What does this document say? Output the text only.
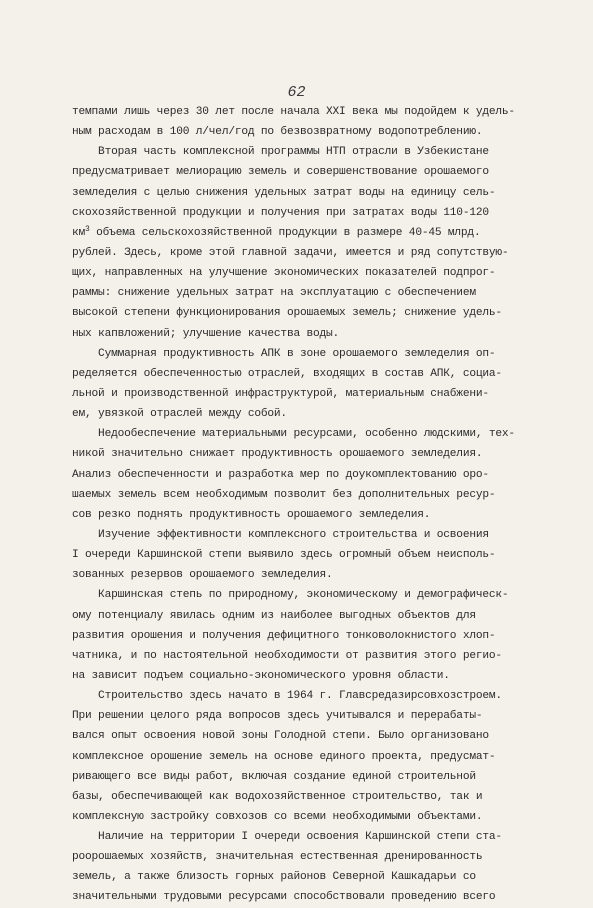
62
темпами лишь через 30 лет после начала XXI века мы подойдем к удель-
ным расходам в 100 л/чел/год по безвозвратному водопотреблению.
Вторая часть комплексной программы НТП отрасли в Узбекистане
предусматривает мелиорацию земель и совершенствование орошаемого
земледелия с целью снижения удельных затрат воды на единицу сель-
скохозяйственной продукции и получения при затратах воды 110-120
$км^3$ объема сельскохозяйственной продукции в размере 40-45 млрд.
рублей. Здесь, кроме этой главной задачи, имеется и ряд сопутствую-
щих, направленных на улучшение экономических показателей подпрог-
раммы: снижение удельных затрат на эксплуатацию с обеспечением
высокой степени функционирования орошаемых земель; снижение удель-
ных капвложений; улучшение качества воды.
Суммарная продуктивность АПК в зоне орошаемого земледелия оп-
ределяется обеспеченностью отраслей, входящих в состав АПК, социа-
льной и производственной инфраструктурой, материальным снабжени-
ем, увязкой отраслей между собой.
Недообеспечение материальными ресурсами, особенно людскими, тех-
никой значительно снижает продуктивность орошаемого земледелия.
Анализ обеспеченности и разработка мер по доукомплектованию оро-
шаемых земель всем необходимым позволит без дополнительных ресур-
сов резко поднять продуктивность орошаемого земледелия.
Изучение эффективности комплексного строительства и освоения
I очереди Каршинской степи выявило здесь огромный объем неисполь-
зованных резервов орошаемого земледелия.
Каршинская степь по природному, экономическому и демографическ-
ому потенциалу явилась одним из наиболее выгодных объектов для
развития орошения и получения дефицитного тонковолокнистого хлоп-
чатника, и по настоятельной необходимости от развития этого регио-
на зависит подъем социально-экономического уровня области.
Строительство здесь начато в 1964 г. Главсредазирсовхозстроем.
При решении целого ряда вопросов здесь учитывался и перерабаты-
вался опыт освоения новой зоны Голодной степи. Было организовано
комплексное орошение земель на основе единого проекта, предусмат-
ривающего все виды работ, включая создание единой строительной
базы, обеспечивающей как водохозяйственное строительство, так и
комплексную застройку совхозов со всеми необходимыми объектами.
Наличие на территории I очереди освоения Каршинской степи ста-
роорошаемых хозяйств, значительная естественная дренированность
земель, а также близость горных районов Северной Кашкадарьи со
значительными трудовыми ресурсами способствовали проведению всего
